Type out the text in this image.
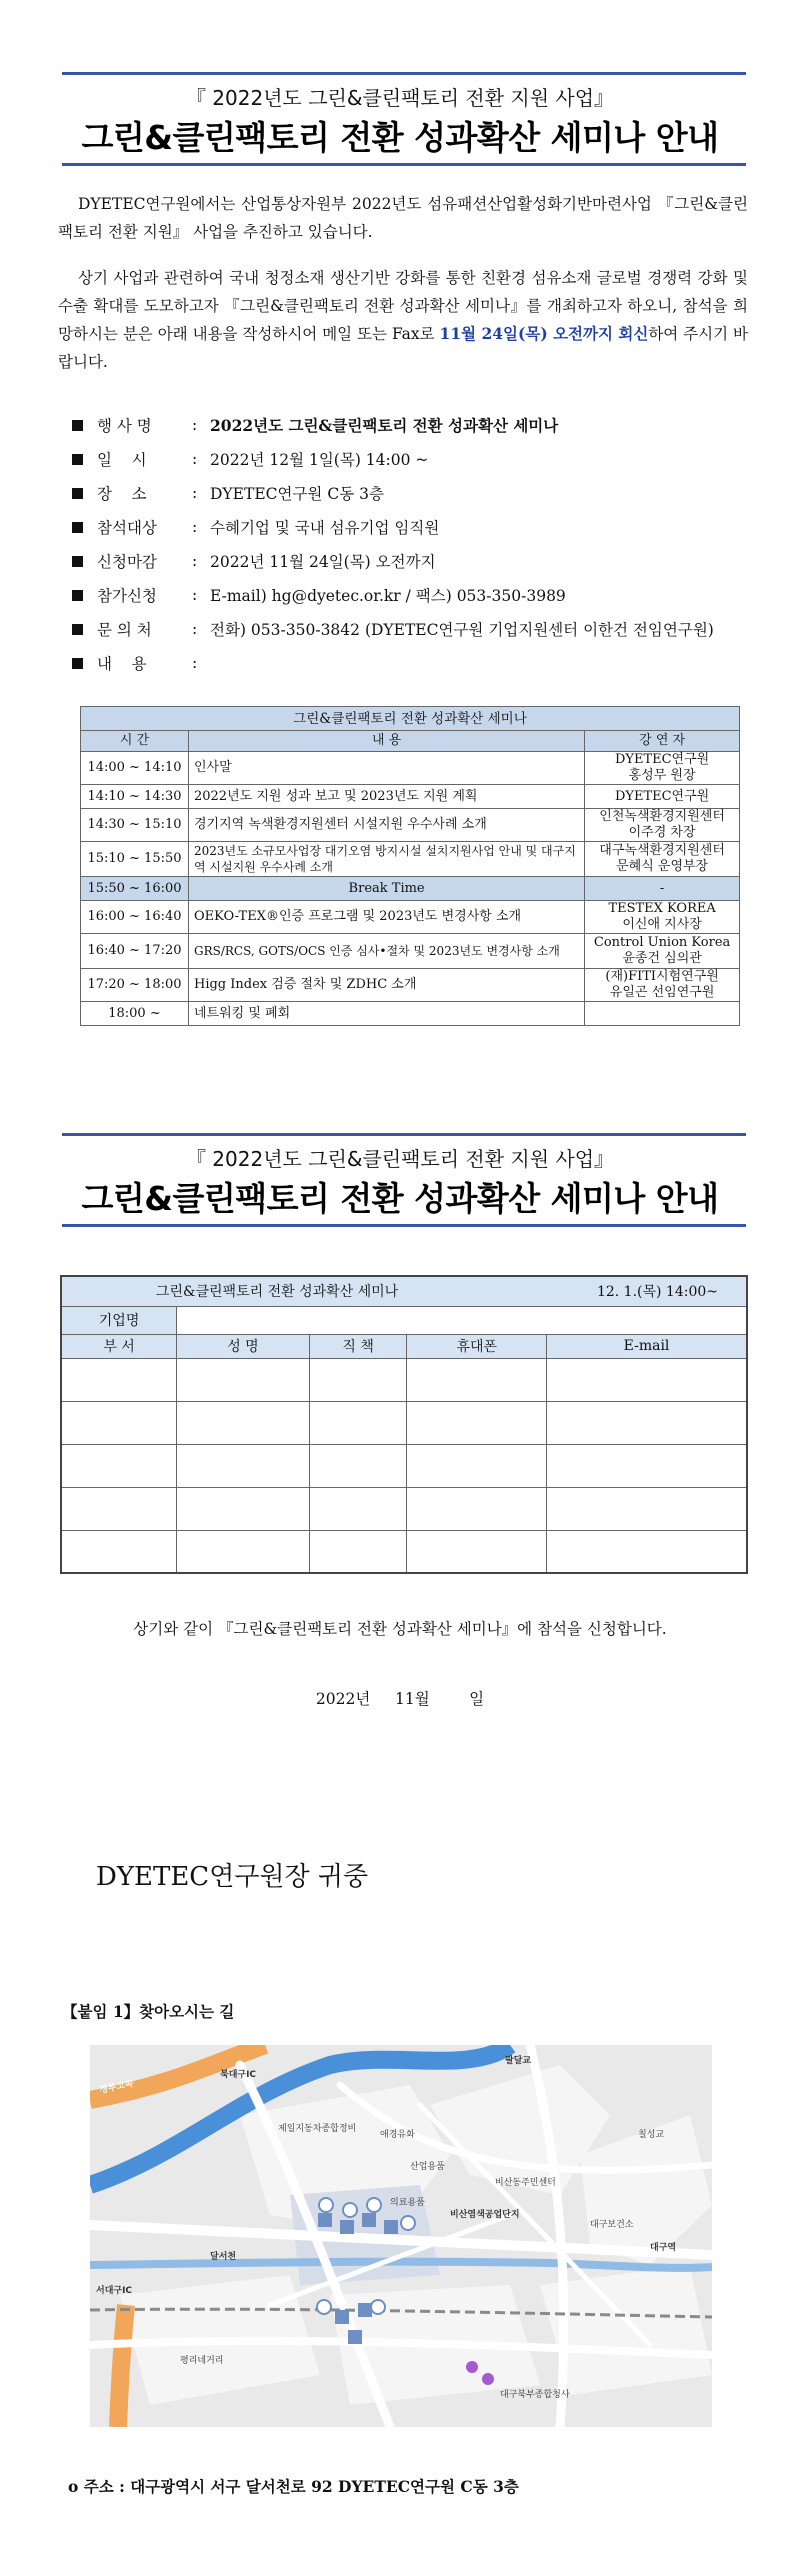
『 2022년도 그린&클린팩토리 전환 지원 사업』
그린&클린팩토리 전환 성과확산 세미나 안내
DYETEC연구원에서는 산업통상자원부 2022년도 섬유패션산업활성화기반마련사업 『그린&클린팩토리 전환 지원』 사업을 추진하고 있습니다.
상기 사업과 관련하여 국내 청정소재 생산기반 강화를 통한 친환경 섬유소재 글로벌 경쟁력 강화 및 수출 확대를 도모하고자 『그린&클린팩토리 전환 성과확산 세미나』를 개최하고자 하오니, 참석을 희망하시는 분은 아래 내용을 작성하시어 메일 또는 Fax로 11월 24일(목) 오전까지 회신하여 주시기 바랍니다.
행 사 명	: 2022년도 그린&클린팩토리 전환 성과확산 세미나
일    시	: 2022년 12월 1일(목) 14:00 ~
장    소	: DYETEC연구원 C동 3층
참석대상	: 수혜기업 및 국내 섬유기업 임직원
신청마감	: 2022년 11월 24일(목) 오전까지
참가신청	: E-mail) hg@dyetec.or.kr / 팩스) 053-350-3989
문 의 처	: 전화) 053-350-3842 (DYETEC연구원 기업지원센터 이한건 전임연구원)
내    용	:
그린&클린팩토리 전환 성과확산 세미나		
시 간	내 용	강 연 자
14:00 ~ 14:10	인사말	DYETEC연구원
홍성무 원장
14:10 ~ 14:30	2022년도 지원 성과 보고 및 2023년도 지원 계획	DYETEC연구원
14:30 ~ 15:10	경기지역 녹색환경지원센터 시설지원 우수사례 소개	인천녹색환경지원센터
이주경 차장
15:10 ~ 15:50	2023년도 소규모사업장 대기오염 방지시설 설치지원사업 안내 및 대구지역 시설지원 우수사례 소개	대구녹색환경지원센터
문혜식 운영부장
15:50 ~ 16:00	Break Time	-
16:00 ~ 16:40	OEKO-TEX®인증 프로그램 및 2023년도 변경사항 소개	TESTEX KOREA
이신애 지사장
16:40 ~ 17:20	GRS/RCS, GOTS/OCS 인증 심사•절차 및 2023년도 변경사항 소개	Control Union Korea
윤종건 심의관
17:20 ~ 18:00	Higg Index 검증 절차 및 ZDHC 소개	(재)FITI시험연구원
유일곤 선임연구원
18:00 ~	네트워킹 및 폐회	
『 2022년도 그린&클린팩토리 전환 지원 사업』
그린&클린팩토리 전환 성과확산 세미나 안내
그린&클린팩토리 전환 성과확산 세미나 12. 1.(목) 14:00~				

기업명				
부 서	성 명	직 책	휴대폰	E-mail

상기와 같이 『그린&클린팩토리 전환 성과확산 세미나』에 참석을 신청합니다.
2022년     11월        일
DYETEC연구원장 귀중
【붙임 1】찾아오시는 길
경부고속
북대구IC
팔달교
칠성교
대구역
서대구IC
평리네거리
제일지동차종합정비
애경유화
산업용품
의료용품
달서천
비산염색공업단지
비산동주민센터
대구보건소
대구북부종합청사
o 주소 : 대구광역시 서구 달서천로 92 DYETEC연구원 C동 3층
